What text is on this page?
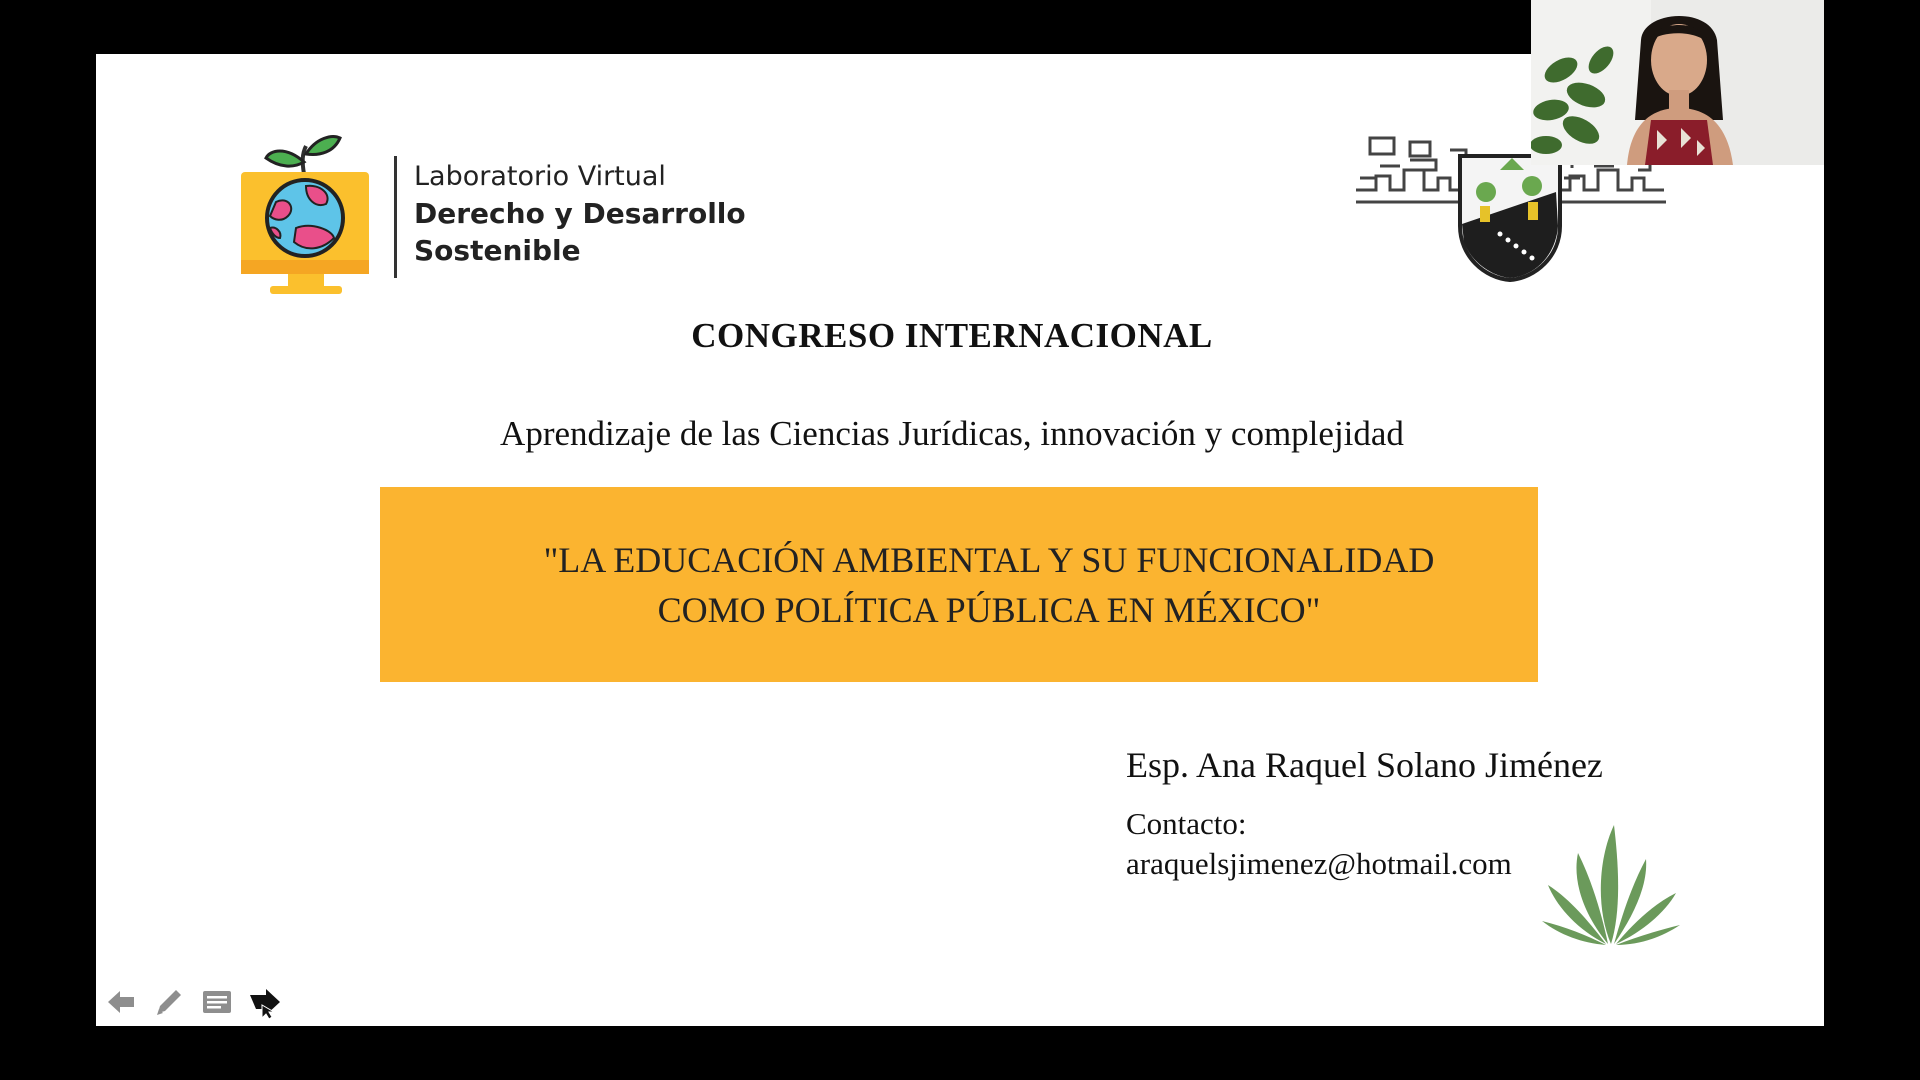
Laboratorio Virtual
Derecho y Desarrollo
Sostenible
CONGRESO INTERNACIONAL
Aprendizaje de las Ciencias Jurídicas, innovación y complejidad
"LA EDUCACIÓN AMBIENTAL Y SU FUNCIONALIDAD COMO POLÍTICA PÚBLICA EN MÉXICO"
Esp. Ana Raquel Solano Jiménez
Contacto:
araquelsjimenez@hotmail.com
